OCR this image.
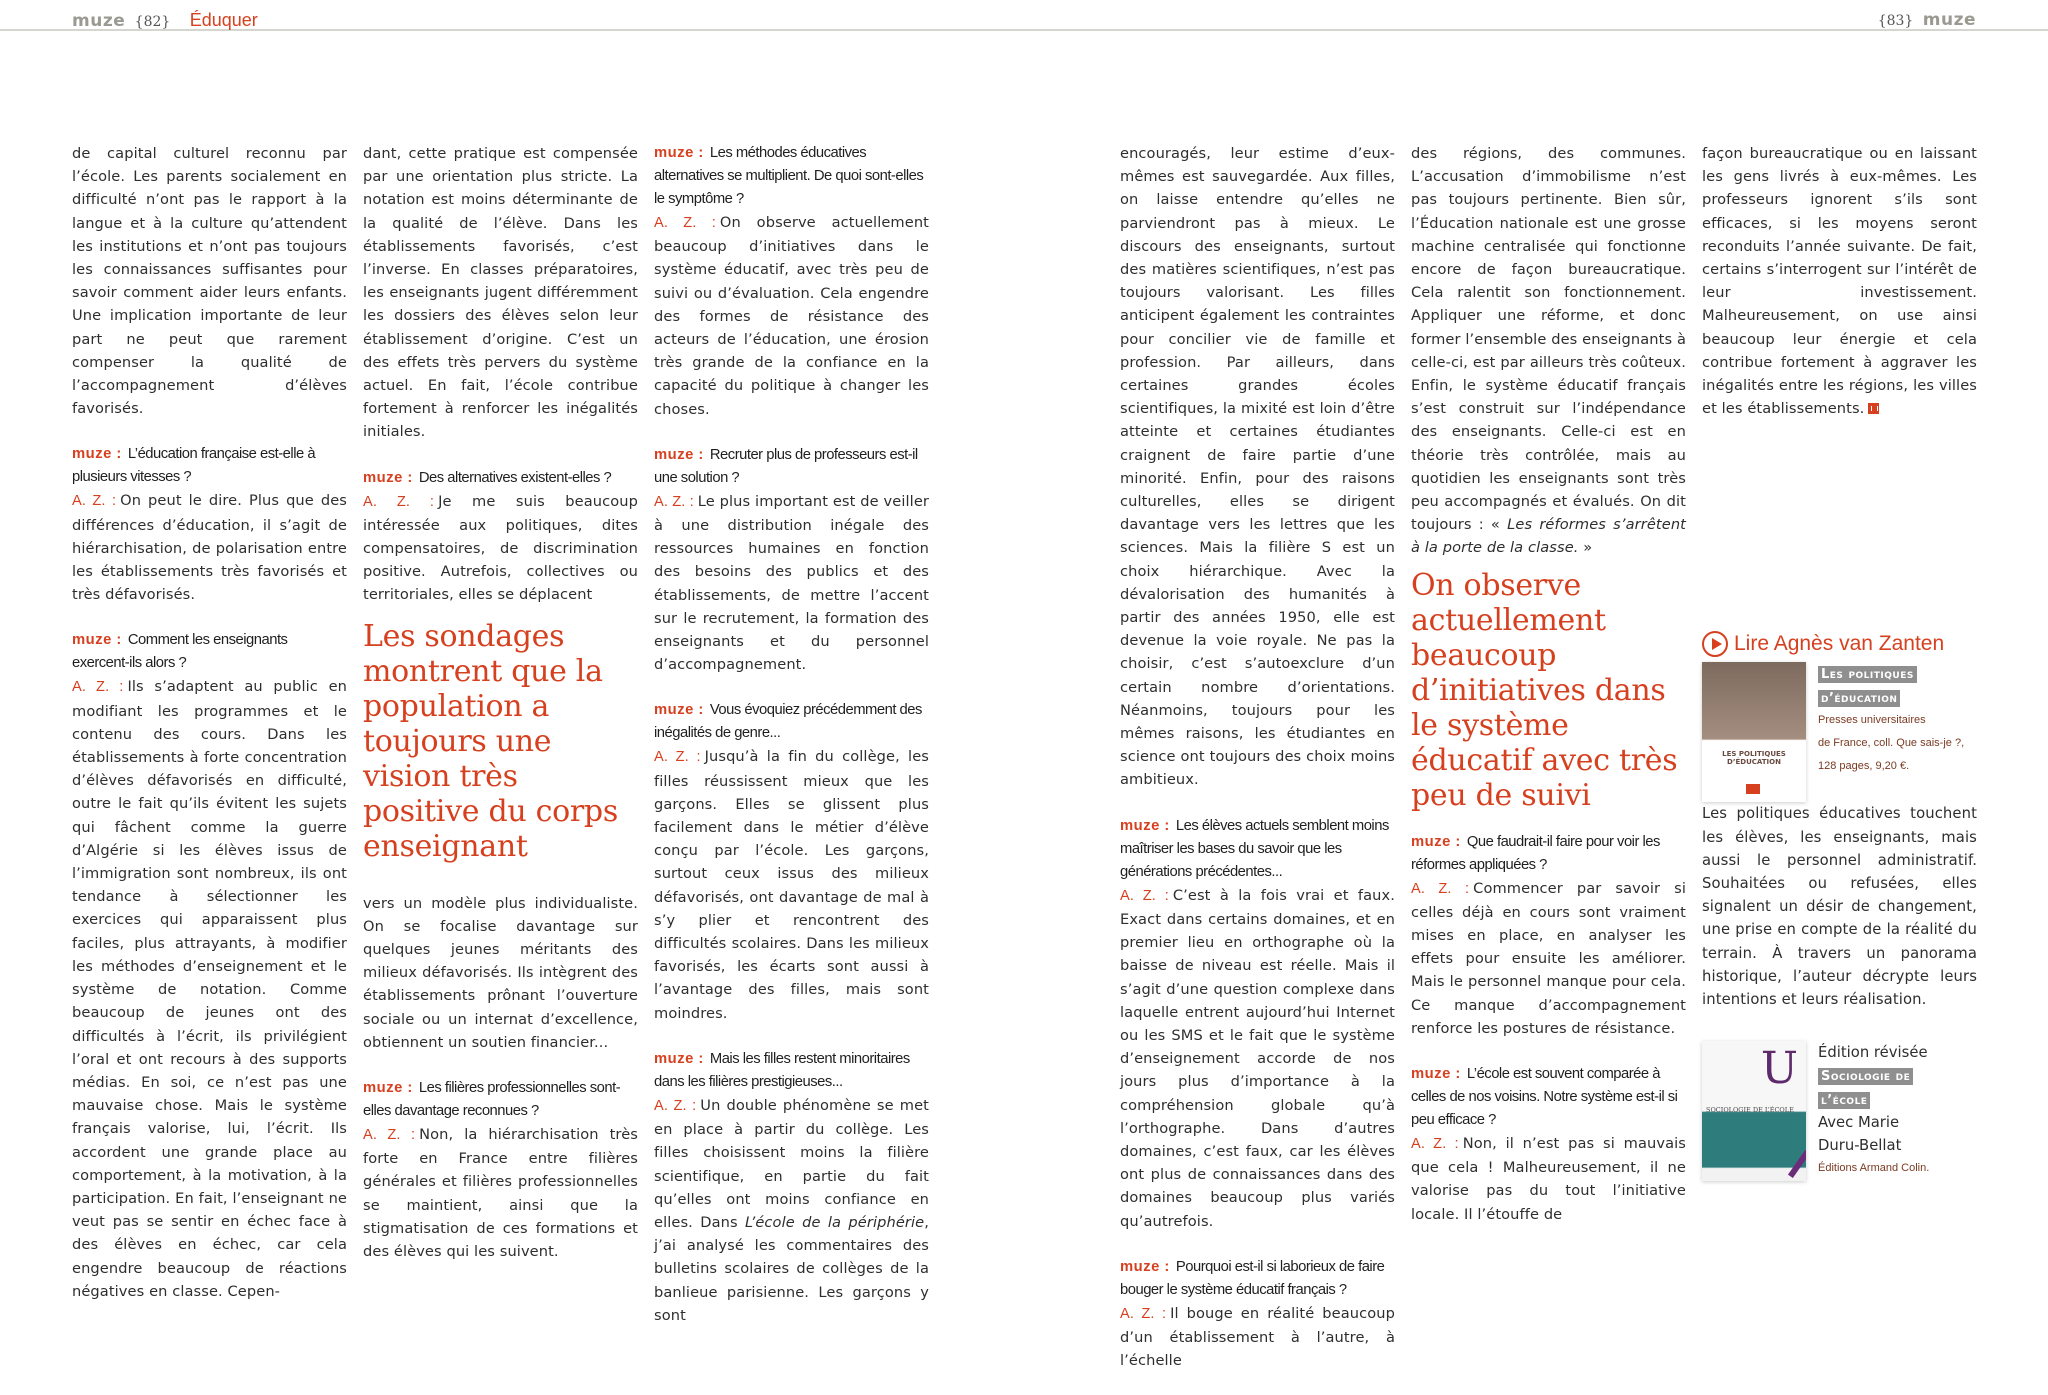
muze {82} Éduquer	{83} muze

de capital culturel reconnu par l’école. Les parents socialement en difficulté n’ont pas le rapport à la langue et à la culture qu’attendent les institutions et n’ont pas toujours les connaissances suffisantes pour savoir comment aider leurs enfants. Une implication importante de leur part ne peut que rarement compenser la qualité de l’accompagnement d’élèves favorisés.

muze : L’éducation française est-elle à plusieurs vitesses ?

A. Z. : On peut le dire. Plus que des différences d’éducation, il s’agit de hiérarchisation, de polarisation entre les établissements très favorisés et très défavorisés.

muze : Comment les enseignants exercent-ils alors ?

A. Z. : Ils s’adaptent au public en modifiant les programmes et le contenu des cours. Dans les établissements à forte concentration d’élèves défavorisés en difficulté, outre le fait qu’ils évitent les sujets qui fâchent comme la guerre d’Algérie si les élèves issus de l’immigration sont nombreux, ils ont tendance à sélectionner les exercices qui apparaissent plus faciles, plus attrayants, à modifier les méthodes d’enseignement et le système de notation. Comme beaucoup de jeunes ont des difficultés à l’écrit, ils privilégient l’oral et ont recours à des supports médias. En soi, ce n’est pas une mauvaise chose. Mais le système français valorise, lui, l’écrit. Ils accordent une grande place au comportement, à la motivation, à la participation. En fait, l’enseignant ne veut pas se sentir en échec face à des élèves en échec, car cela engendre beaucoup de réactions négatives en classe. Cepen-

dant, cette pratique est compensée par une orientation plus stricte. La notation est moins déterminante de la qualité de l’élève. Dans les établissements favorisés, c’est l’inverse. En classes préparatoires, les enseignants jugent différemment les dossiers des élèves selon leur établissement d’origine. C’est un des effets très pervers du système actuel. En fait, l’école contribue fortement à renforcer les inégalités initiales.

muze : Des alternatives existent-elles ?

A. Z. : Je me suis beaucoup intéressée aux politiques, dites compensatoires, de discrimination positive. Autrefois, collectives ou territoriales, elles se déplacent

Les sondages montrent que la population a toujours une vision très positive du corps enseignant

vers un modèle plus individualiste. On se focalise davantage sur quelques jeunes méritants des milieux défavorisés. Ils intègrent des établissements prônant l’ouverture sociale ou un internat d’excellence, obtiennent un soutien financier...

muze : Les filières professionnelles sont-elles davantage reconnues ?

A. Z. : Non, la hiérarchisation très forte en France entre filières générales et filières professionnelles se maintient, ainsi que la stigmatisation de ces formations et des élèves qui les suivent.

muze : Les méthodes éducatives alternatives se multiplient. De quoi sont-elles le symptôme ?

A. Z. : On observe actuellement beaucoup d’initiatives dans le système éducatif, avec très peu de suivi ou d’évaluation. Cela engendre des formes de résistance des acteurs de l’éducation, une érosion très grande de la confiance en la capacité du politique à changer les choses.

muze : Recruter plus de professeurs est-il une solution ?

A. Z. : Le plus important est de veiller à une distribution inégale des ressources humaines en fonction des besoins des publics et des établissements, de mettre l’accent sur le recrutement, la formation des enseignants et du personnel d’accompagnement.

muze : Vous évoquiez précédemment des inégalités de genre...

A. Z. : Jusqu’à la fin du collège, les filles réussissent mieux que les garçons. Elles se glissent plus facilement dans le métier d’élève conçu par l’école. Les garçons, surtout ceux issus des milieux défavorisés, ont davantage de mal à s’y plier et rencontrent des difficultés scolaires. Dans les milieux favorisés, les écarts sont aussi à l’avantage des filles, mais sont moindres.

muze : Mais les filles restent minoritaires dans les filières prestigieuses...

A. Z. : Un double phénomène se met en place à partir du collège. Les filles choisissent moins la filière scientifique, en partie du fait qu’elles ont moins confiance en elles. Dans L’école de la périphérie, j’ai analysé les commentaires des bulletins scolaires de collèges de la banlieue parisienne. Les garçons y sont

encouragés, leur estime d’eux-mêmes est sauvegardée. Aux filles, on laisse entendre qu’elles ne parviendront pas à mieux. Le discours des enseignants, surtout des matières scientifiques, n’est pas toujours valorisant. Les filles anticipent également les contraintes pour concilier vie de famille et profession. Par ailleurs, dans certaines grandes écoles scientifiques, la mixité est loin d’être atteinte et certaines étudiantes craignent de faire partie d’une minorité. Enfin, pour des raisons culturelles, elles se dirigent davantage vers les lettres que les sciences. Mais la filière S est un choix hiérarchique. Avec la dévalorisation des humanités à partir des années 1950, elle est devenue la voie royale. Ne pas la choisir, c’est s’autoexclure d’un certain nombre d’orientations. Néanmoins, toujours pour les mêmes raisons, les étudiantes en science ont toujours des choix moins ambitieux.

muze : Les élèves actuels semblent moins maîtriser les bases du savoir que les générations précédentes...

A. Z. : C’est à la fois vrai et faux. Exact dans certains domaines, et en premier lieu en orthographe où la baisse de niveau est réelle. Mais il s’agit d’une question complexe dans laquelle entrent aujourd’hui Internet ou les SMS et le fait que le système d’enseignement accorde de nos jours plus d’importance à la compréhension globale qu’à l’orthographe. Dans d’autres domaines, c’est faux, car les élèves ont plus de connaissances dans des domaines beaucoup plus variés qu’autrefois.

muze : Pourquoi est-il si laborieux de faire bouger le système éducatif français ?

A. Z. : Il bouge en réalité beaucoup d’un établissement à l’autre, à l’échelle

des régions, des communes. L’accusation d’immobilisme n’est pas toujours pertinente. Bien sûr, l’Éducation nationale est une grosse machine centralisée qui fonctionne encore de façon bureaucratique. Cela ralentit son fonctionnement. Appliquer une réforme, et donc former l’ensemble des enseignants à celle-ci, est par ailleurs très coûteux. Enfin, le système éducatif français s’est construit sur l’indépendance des enseignants. Celle-ci est en théorie très contrôlée, mais au quotidien les enseignants sont très peu accompagnés et évalués. On dit toujours : « Les réformes s’arrêtent à la porte de la classe. »

On observe actuellement beaucoup d’initiatives dans le système éducatif avec très peu de suivi
muze : Que faudrait-il faire pour voir les réformes appliquées ?

A. Z. : Commencer par savoir si celles déjà en cours sont vraiment mises en place, en analyser les effets pour ensuite les améliorer. Mais le personnel manque pour cela. Ce manque d’accompagnement renforce les postures de résistance.

muze : L’école est souvent comparée à celles de nos voisins. Notre système est-il si peu efficace ?

A. Z. : Non, il n’est pas si mauvais que cela ! Malheureusement, il ne valorise pas du tout l’initiative locale. Il l’étouffe de

façon bureaucratique ou en laissant les gens livrés à eux-mêmes. Les professeurs ignorent s’ils sont efficaces, si les moyens seront reconduits l’année suivante. De fait, certains s’interrogent sur l’intérêt de leur investissement. Malheureusement, on use ainsi beaucoup leur énergie et cela contribue fortement à aggraver les inégalités entre les régions, les villes et les établissements.

Lire Agnès van Zanten
LES POLITIQUES D’ÉDUCATION
Les politiques
d’éducation
Presses universitaires
de France, coll. Que sais-je ?,
128 pages, 9,20 €.

Les politiques éducatives touchent les élèves, les enseignants, mais aussi le personnel administratif. Souhaitées ou refusées, elles signalent un désir de changement, une prise en compte de la réalité du terrain. À travers un panorama historique, l’auteur décrypte leurs intentions et leurs réalisation.

U
SOCIOLOGIE DE L’ÉCOLE
Édition révisée
Sociologie de
l’école
Avec Marie
Duru-Bellat
Éditions Armand Colin.
